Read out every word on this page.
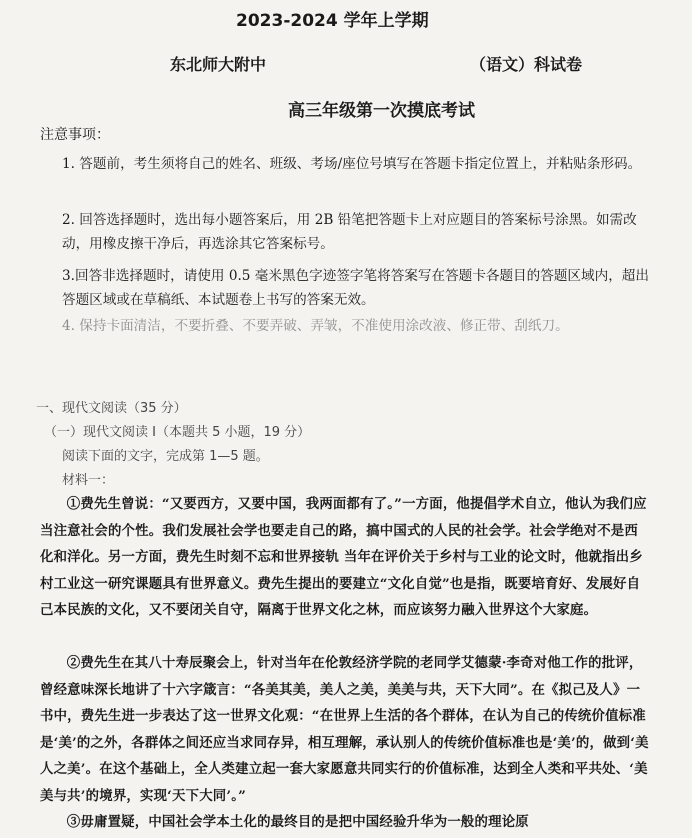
2023-2024 学年上学期
东北师大附中	（语文）科试卷
高三年级第一次摸底考试
注意事项：
1. 答题前，考生须将自己的姓名、班级、考场/座位号填写在答题卡指定位置上，并粘贴条形码。
2. 回答选择题时，选出每小题答案后，用 2B 铅笔把答题卡上对应题目的答案标号涂黑。如需改动，用橡皮擦干净后，再选涂其它答案标号。
3.回答非选择题时，请使用 0.5 毫米黑色字迹签字笔将答案写在答题卡各题目的答题区域内，超出答题区域或在草稿纸、本试题卷上书写的答案无效。
4. 保持卡面清洁，不要折叠、不要弄破、弄皱，不准使用涂改液、修正带、刮纸刀。
一、现代文阅读（35 分）
（一）现代文阅读 I（本题共 5 小题，19 分）
阅读下面的文字，完成第 1—5 题。
材料一：
①费先生曾说：“又要西方，又要中国，我两面都有了。”一方面，他提倡学术自立，他认为我们应当注意社会的个性。我们发展社会学也要走自己的路，搞中国式的人民的社会学。社会学绝对不是西化和洋化。另一方面，费先生时刻不忘和世界接轨 当年在评价关于乡村与工业的论文时，他就指出乡村工业这一研究课题具有世界意义。费先生提出的要建立“文化自觉”也是指，既要培育好、发展好自己本民族的文化，又不要闭关自守，隔离于世界文化之林，而应该努力融入世界这个大家庭。
②费先生在其八十寿辰聚会上，针对当年在伦敦经济学院的老同学艾德蒙·李奇对他工作的批评，曾经意味深长地讲了十六字箴言：“各美其美，美人之美，美美与共，天下大同”。在《拟己及人》一书中，费先生进一步表达了这一世界文化观：“在世界上生活的各个群体，在认为自己的传统价值标准是‘美’的之外，各群体之间还应当求同存异，相互理解，承认别人的传统价值标准也是‘美’的，做到‘美人之美’。在这个基础上，全人类建立起一套大家愿意共同实行的价值标准，达到全人类和平共处、‘美美与共’的境界，实现‘天下大同’。”
③毋庸置疑，中国社会学本土化的最终目的是把中国经验升华为一般的理论原
